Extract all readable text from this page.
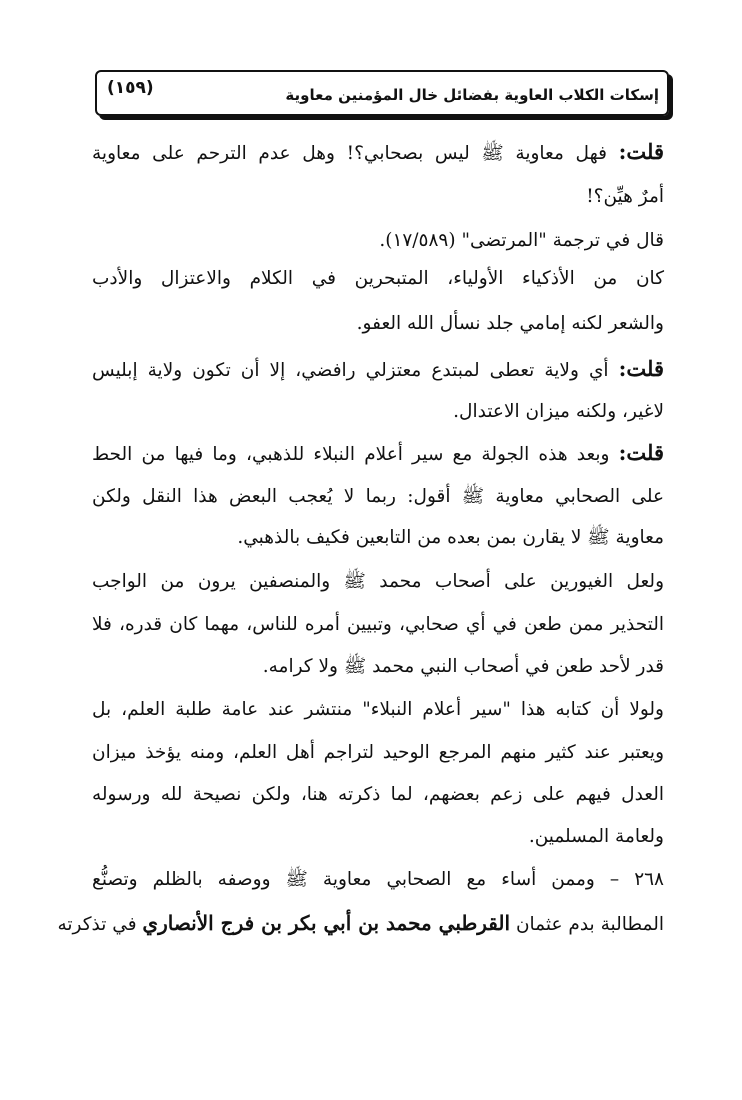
إسكات الكلاب العاوية بفضائل خال المؤمنين معاوية
(١٥٩)
قلت: فهل معاوية ﷺ ليس بصحابي؟! وهل عدم الترحم على معاوية
أمرٌ هيِّن؟!
قال في ترجمة "المرتضى" (١٧/٥٨٩).
كان من الأذكياء الأولياء، المتبحرين في الكلام والاعتزال والأدب
والشعر لكنه إمامي جلد نسأل الله العفو.
قلت: أي ولاية تعطى لمبتدع معتزلي رافضي، إلا أن تكون ولاية إبليس
لاغير، ولكنه ميزان الاعتدال.
قلت: وبعد هذه الجولة مع سير أعلام النبلاء للذهبي، وما فيها من الحط
على الصحابي معاوية ﷺ أقول: ربما لا يُعجب البعض هذا النقل ولكن
معاوية ﷺ لا يقارن بمن بعده من التابعين فكيف بالذهبي.
ولعل الغيورين على أصحاب محمد ﷺ والمنصفين يرون من الواجب
التحذير ممن طعن في أي صحابي، وتبيين أمره للناس، مهما كان قدره، فلا
قدر لأحد طعن في أصحاب النبي محمد ﷺ ولا كرامه.
ولولا أن كتابه هذا "سير أعلام النبلاء" منتشر عند عامة طلبة العلم، بل
ويعتبر عند كثير منهم المرجع الوحيد لتراجم أهل العلم، ومنه يؤخذ ميزان
العدل فيهم على زعم بعضهم، لما ذكرته هنا، ولكن نصيحة لله ورسوله
ولعامة المسلمين.
٢٦٨ – وممن أساء مع الصحابي معاوية ﷺ ووصفه بالظلم وتصنُّع
المطالبة بدم عثمان القرطبي محمد بن أبي بكر بن فرج الأنصاري في تذكرته
